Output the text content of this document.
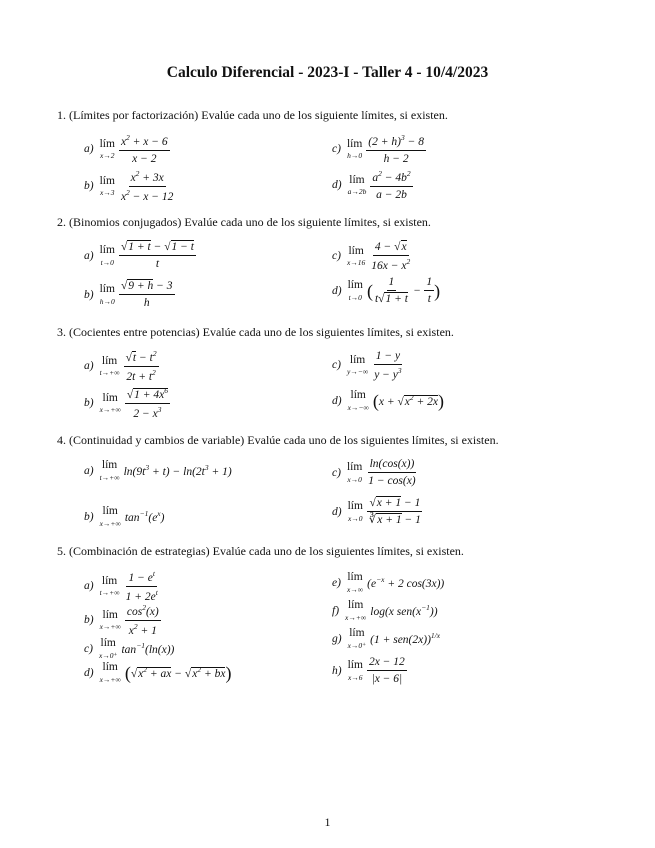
Calculo Diferencial - 2023-I - Taller 4 - 10/4/2023
1. (Límites por factorización) Evalúe cada uno de los siguiente límites, si existen.
a) lím
$x\to 2 \frac{x^2 + x - 6}{x - 2}$
b) lím
$x\to 3 \frac{x^2 + 3x}{x^2 - x - 12}$
c) lím
$h\to 0 \frac{(2 + h)^3 - 8}{h - 2}$
d) lím
$a\to 2b \frac{a^2 - 4b^2}{a - 2b}$
2. (Binomios conjugados) Evalúe cada uno de los siguiente límites, si existen.
a) lím
$t\to 0 \frac{√1 + t - √1 - t}{t}$
b) lím
$h\to 0 \frac{√9 + h - 3}{h}$
c) lím
$x\to 16 \frac{4 - √x}{16x - x^2}$
d) lím
t→0 ( $\frac{1}{t√1 + t} - \frac{1}{t}$ )
3. (Cocientes entre potencias) Evalúe cada uno de los siguientes límites, si existen.
a) lím
$t\to+\infty \frac{√t - t^2}{2t + t^2}$
b) lím
$x\to+\infty \frac{√1 + 4x^6}{2 - x^3}$
c) lím
$y\to-\infty \frac{1 - y}{y - y^3}$
d) lím
x→−∞ ( $x + √x^2 + 2x$ )
4. (Continuidad y cambios de variable) Evalúe cada uno de los siguientes límites, si existen.
a) lím
t→+∞ $\ln(9t^3 + t) - \ln(2t^3 + 1)$
b) lím
x→+∞ $\tan^{-1}(e^x)$
c) lím
$x\to 0 \frac{\ln(\cos(x))}{1 - \cos(x)}$
d) lím
$x\to 0 \frac{√x + 1 - 1}{∛x + 1 - 1}$
5. (Combinación de estrategias) Evalúe cada uno de los siguientes límites, si existen.
a) lím
$t\to+\infty \frac{1 - e^t}{1 + 2e^t}$
b) lím
$x\to+\infty \frac{\cos^2(x)}{x^2 + 1}$
c) lím
x→0⁺ $\tan^{-1}(\ln(x))$
d) lím
x→+∞ ( $√x^2$ + ax − $√x^2$ + bx )
e) lím
x→∞ ($e^{-x} + 2$ cos(3x))
f) lím
x→+∞ log(x $sen(x^{-1})$)
g) lím
x→0⁺ $(1 + sen(2x))^{1/x}$
h) lím
$x\to 6 \frac{2x - 12}{|x - 6|}$
1
